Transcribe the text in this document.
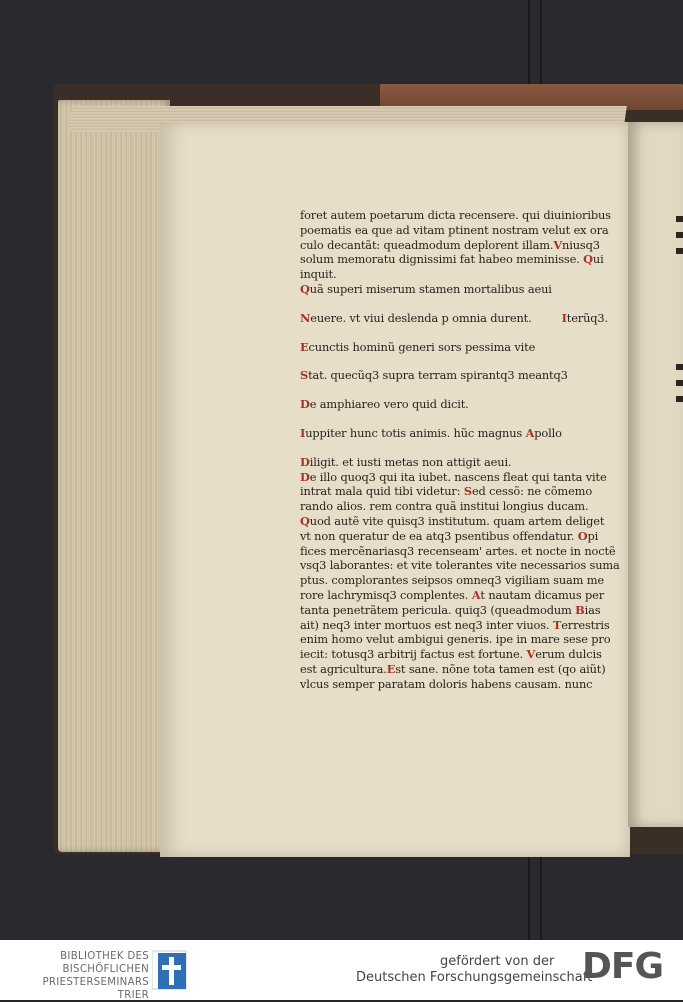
foret autem poetarum dicta recensere. qui diuinioribus
poematis ea que ad vitam ptinent nostram velut ex ora
culo decantãt: queadmodum deplorent illam.Vniusq3
solum memoratu dignissimi fat habeo meminisse. Qui
inquit.
Quã superi miserum stamen mortalibus aeui
Neuere. vt viui deslenda p omnia durent.	Iterũq3.
Ecunctis hominũ generi sors pessima vite
Stat. quecũq3 supra terram spirantq3 meantq3
De amphiareo vero quid dicit.
Iuppiter hunc totis animis. hũc magnus Apollo
Diligit. et iusti metas non attigit aeui.
De illo quoq3 qui ita iubet. nascens fleat qui tanta vite
intrat mala quid tibi videtur: Sed cessõ: ne cõmemo
rando alios. rem contra quã institui longius ducam.
Quod autẽ vite quisq3 institutum. quam artem deliget
vt non queratur de ea atq3 psentibus offendatur. Opi
fices mercẽnariasq3 recenseam' artes. et nocte in noctẽ
vsq3 laborantes: et vite tolerantes vite necessarios suma
ptus. complorantes seipsos omneq3 vigiliam suam me
rore lachrymisq3 complentes. At nautam dicamus per
tanta penetrãtem pericula. quiq3 (queadmodum Bias
ait) neq3 inter mortuos est neq3 inter viuos. Terrestris
enim homo velut ambigui generis. ipe in mare sese pro
iecit: totusq3 arbitrij factus est fortune. Verum dulcis
est agricultura.Est sane. nõne tota tamen est (qo aiũt)
vlcus semper paratam doloris habens causam. nunc
BIBLIOTHEK DES
BISCHÖFLICHEN
PRIESTERSEMINARS TRIER
gefördert von der
Deutschen Forschungsgemeinschaft
DFG
